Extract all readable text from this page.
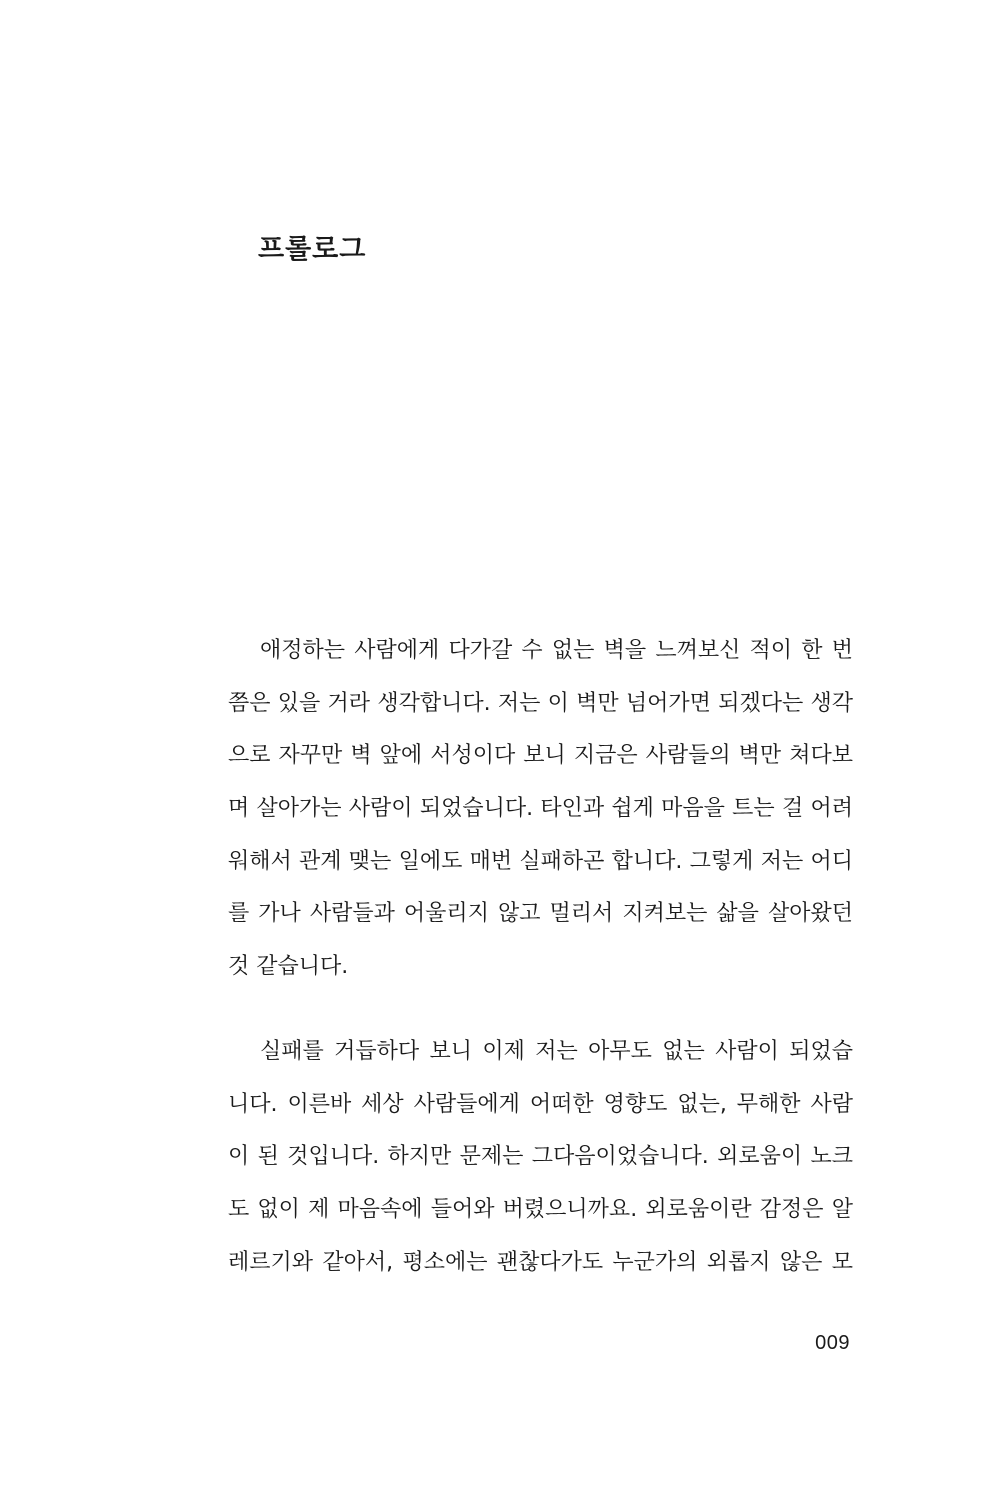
프롤로그
애정하는 사람에게 다가갈 수 없는 벽을 느껴보신 적이 한 번
쯤은 있을 거라 생각합니다. 저는 이 벽만 넘어가면 되겠다는 생각
으로 자꾸만 벽 앞에 서성이다 보니 지금은 사람들의 벽만 쳐다보
며 살아가는 사람이 되었습니다. 타인과 쉽게 마음을 트는 걸 어려
워해서 관계 맺는 일에도 매번 실패하곤 합니다. 그렇게 저는 어디
를 가나 사람들과 어울리지 않고 멀리서 지켜보는 삶을 살아왔던
것 같습니다.
실패를 거듭하다 보니 이제 저는 아무도 없는 사람이 되었습
니다. 이른바 세상 사람들에게 어떠한 영향도 없는, 무해한 사람
이 된 것입니다. 하지만 문제는 그다음이었습니다. 외로움이 노크
도 없이 제 마음속에 들어와 버렸으니까요. 외로움이란 감정은 알
레르기와 같아서, 평소에는 괜찮다가도 누군가의 외롭지 않은 모

009
